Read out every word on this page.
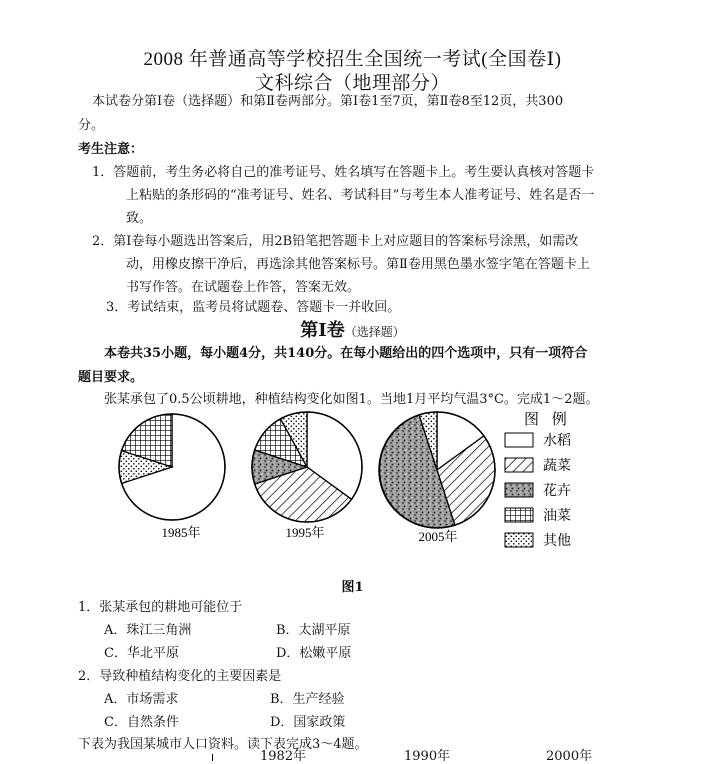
2008 年普通高等学校招生全国统一考试(全国卷Ⅰ)
文科综合（地理部分）
本试卷分第Ⅰ卷（选择题）和第Ⅱ卷两部分。第Ⅰ卷1至7页，第Ⅱ卷8至12页，共300
分。
考生注意：
1．答题前，考生务必将自己的准考证号、姓名填写在答题卡上。考生要认真核对答题卡
上粘贴的条形码的“准考证号、姓名、考试科目”与考生本人准考证号、姓名是否一
致。
2．第Ⅰ卷每小题选出答案后，用2B铅笔把答题卡上对应题目的答案标号涂黑，如需改
动，用橡皮擦干净后，再选涂其他答案标号。第Ⅱ卷用黑色墨水签字笔在答题卡上
书写作答。在试题卷上作答，答案无效。
3．考试结束，监考员将试题卷、答题卡一并收回。
第Ⅰ卷（选择题）
本卷共35小题，每小题4分，共140分。在每小题给出的四个选项中，只有一项符合
题目要求。
张某承包了0.5公顷耕地，种植结构变化如图1。当地1月平均气温3°C。完成1～2题。
1985年	1995年	2005年
图 例
水稻
蔬菜
花卉
油菜
其他
图1
1．张某承包的耕地可能位于
A．珠江三角洲	B．太湖平原
C．华北平原	D．松嫩平原
2．导致种植结构变化的主要因素是
A．市场需求	B．生产经验
C．自然条件	D．国家政策
下表为我国某城市人口资料。读下表完成3～4题。
1982年	1990年	2000年
